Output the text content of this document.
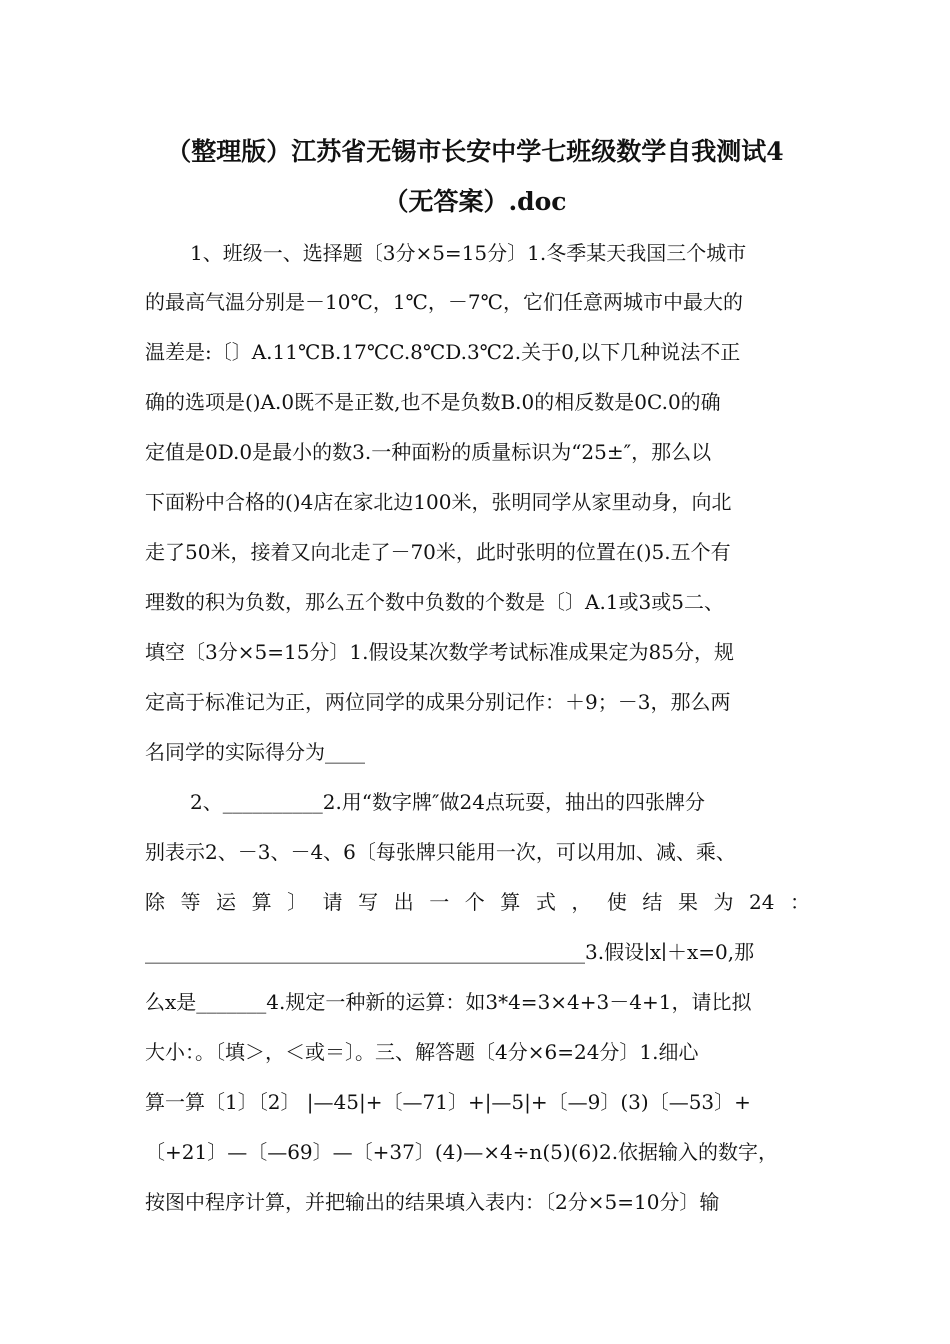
（整理版）江苏省无锡市长安中学七班级数学自我测试4
（无答案）.doc
1、班级一、选择题〔3分×5=15分〕1.冬季某天我国三个城市
的最高气温分别是－10℃，1℃，－7℃，它们任意两城市中最大的
温差是:〔〕A.11℃B.17℃C.8℃D.3℃2.关于0,以下几种说法不正
确的选项是()A.0既不是正数,也不是负数B.0的相反数是0C.0的确
定值是0D.0是最小的数3.一种面粉的质量标识为“25±″，那么以
下面粉中合格的()4店在家北边100米，张明同学从家里动身，向北
走了50米，接着又向北走了－70米，此时张明的位置在()5.五个有
理数的积为负数，那么五个数中负数的个数是〔〕A.1或3或5二、
填空〔3分×5=15分〕1.假设某次数学考试标准成果定为85分，规
定高于标准记为正，两位同学的成果分别记作：＋9；－3，那么两
名同学的实际得分为____
2、__________2.用“数字牌″做24点玩耍，抽出的四张牌分
别表示2、－3、－4、6〔每张牌只能用一次，可以用加、减、乘、
除等运算〕请写出一个算式，使结果为24：
____________________________________________3.假设∣x∣＋x=0,那
么x是_______4.规定一种新的运算：如3*4=3×4+3－4+1，请比拟
大小：。〔填＞，＜或＝〕。三、解答题〔4分×6=24分〕1.细心
算一算〔1〕〔2〕 |—45|+〔—71〕+|—5|+〔—9〕(3)〔—53〕+
〔+21〕—〔—69〕—〔+37〕(4)—×4÷n(5)(6)2.依据输入的数字，
按图中程序计算，并把输出的结果填入表内：〔2分×5=10分〕输
